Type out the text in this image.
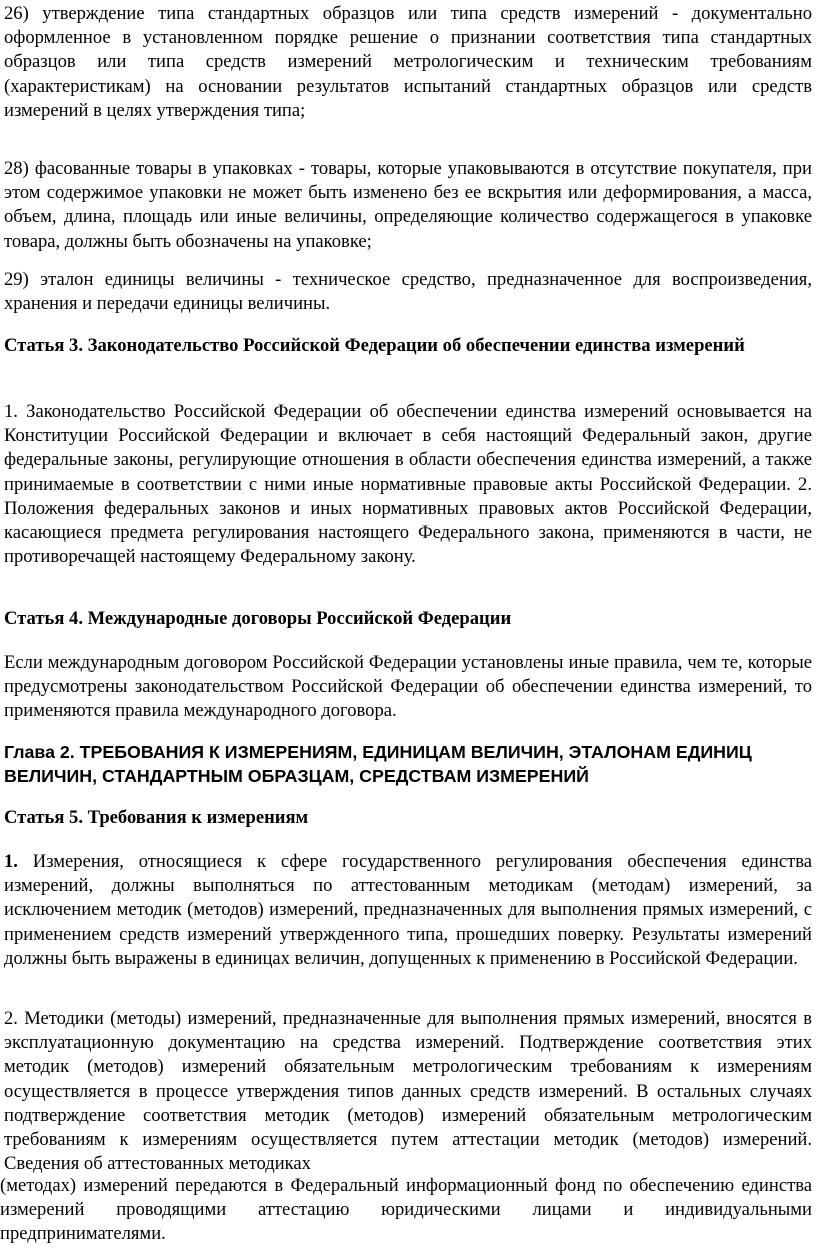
26) утверждение типа стандартных образцов или типа средств измерений - документально оформленное в установленном порядке решение о признании соответствия типа стандартных образцов или типа средств измерений метрологическим и техническим требованиям (характеристикам) на основании результатов испытаний стандартных образцов или средств измерений в целях утверждения типа;

28) фасованные товары в упаковках - товары, которые упаковываются в отсутствие покупателя, при этом содержимое упаковки не может быть изменено без ее вскрытия или деформирования, а масса, объем, длина, площадь или иные величины, определяющие количество содержащегося в упаковке товара, должны быть обозначены на упаковке;

29) эталон единицы величины - техническое средство, предназначенное для воспроизведения, хранения и передачи единицы величины.

Статья 3. Законодательство Российской Федерации об обеспечении единства измерений

1. Законодательство Российской Федерации об обеспечении единства измерений основывается на Конституции Российской Федерации и включает в себя настоящий Федеральный закон, другие федеральные законы, регулирующие отношения в области обеспечения единства измерений, а также принимаемые в соответствии с ними иные нормативные правовые акты Российской Федерации. 2. Положения федеральных законов и иных нормативных правовых актов Российской Федерации, касающиеся предмета регулирования настоящего Федерального закона, применяются в части, не противоречащей настоящему Федеральному закону.

Статья 4. Международные договоры Российской Федерации

Если международным договором Российской Федерации установлены иные правила, чем те, которые предусмотрены законодательством Российской Федерации об обеспечении единства измерений, то применяются правила международного договора.

Глава 2. ТРЕБОВАНИЯ К ИЗМЕРЕНИЯМ, ЕДИНИЦАМ ВЕЛИЧИН, ЭТАЛОНАМ ЕДИНИЦ ВЕЛИЧИН, СТАНДАРТНЫМ ОБРАЗЦАМ, СРЕДСТВАМ ИЗМЕРЕНИЙ

Статья 5. Требования к измерениям

1. Измерения, относящиеся к сфере государственного регулирования обеспечения единства измерений, должны выполняться по аттестованным методикам (методам) измерений, за исключением методик (методов) измерений, предназначенных для выполнения прямых измерений, с применением средств измерений утвержденного типа, прошедших поверку. Результаты измерений должны быть выражены в единицах величин, допущенных к применению в Российской Федерации.

2. Методики (методы) измерений, предназначенные для выполнения прямых измерений, вносятся в эксплуатационную документацию на средства измерений. Подтверждение соответствия этих методик (методов) измерений обязательным метрологическим требованиям к измерениям осуществляется в процессе утверждения типов данных средств измерений. В остальных случаях подтверждение соответствия методик (методов) измерений обязательным метрологическим требованиям к измерениям осуществляется путем аттестации методик (методов) измерений. Сведения об аттестованных методиках

(методах) измерений передаются в Федеральный информационный фонд по обеспечению единства измерений проводящими аттестацию юридическими лицами и индивидуальными предпринимателями.
